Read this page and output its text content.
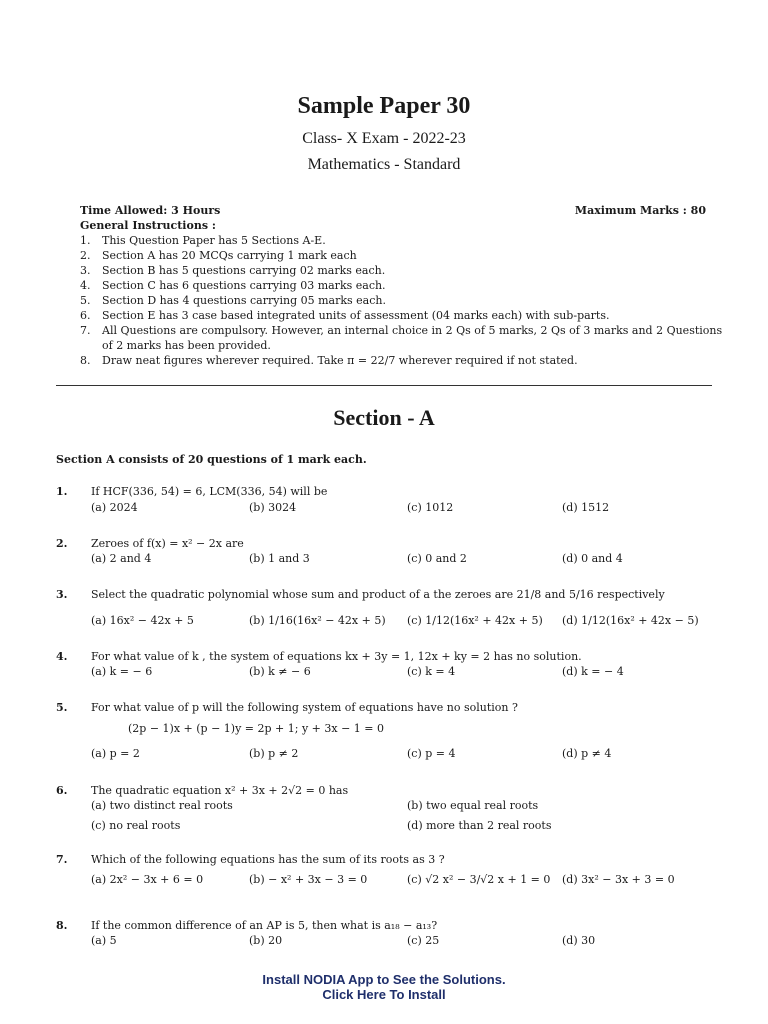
Sample Paper 30
Class- X Exam - 2022-23
Mathematics - Standard
Time Allowed: 3 Hours	Maximum Marks : 80
General Instructions :
1. This Question Paper has 5 Sections A-E.
2. Section A has 20 MCQs carrying 1 mark each
3. Section B has 5 questions carrying 02 marks each.
4. Section C has 6 questions carrying 03 marks each.
5. Section D has 4 questions carrying 05 marks each.
6. Section E has 3 case based integrated units of assessment (04 marks each) with sub-parts.
7. All Questions are compulsory. However, an internal choice in 2 Qs of 5 marks, 2 Qs of 3 marks and 2 Questions
of 2 marks has been provided.
8. Draw neat figures wherever required. Take π = 22/7 wherever required if not stated.
Section - A
Section A consists of 20 questions of 1 mark each.
1. If HCF(336, 54) = 6, LCM(336, 54) will be
(a) 2024	(b) 3024	(c) 1012	(d) 1512
2. Zeroes of f(x) = x² − 2x are
(a) 2 and 4	(b) 1 and 3	(c) 0 and 2	(d) 0 and 4
3. Select the quadratic polynomial whose sum and product of a the zeroes are 21/8 and 5/16 respectively
(a) 16x² − 42x + 5	(b) 1/16(16x² − 42x + 5) (c) 1/12(16x² + 42x + 5) (d) 1/12(16x² + 42x − 5)
4. For what value of k , the system of equations kx + 3y = 1, 12x + ky = 2 has no solution.
(a) k = − 6	(b) k ≠ − 6	(c) k = 4	(d) k = − 4
5. For what value of p will the following system of equations have no solution ?
(2p − 1)x + (p − 1)y = 2p + 1; y + 3x − 1 = 0
(a) p = 2	(b) p ≠ 2	(c) p = 4	(d) p ≠ 4
6. The quadratic equation x² + 3x + 2√2 = 0 has
(a) two distinct real roots	(b) two equal real roots
(c) no real roots	(d) more than 2 real roots
7. Which of the following equations has the sum of its roots as 3 ?
(a) 2x² − 3x + 6 = 0	(b) − x² + 3x − 3 = 0	(c) √2 x² − 3/√2 x + 1 = 0 (d) 3x² − 3x + 3 = 0
8. If the common difference of an AP is 5, then what is a₁₈ − a₁₃?
(a) 5	(b) 20	(c) 25	(d) 30
Install NODIA App to See the Solutions.
Click Here To Install
